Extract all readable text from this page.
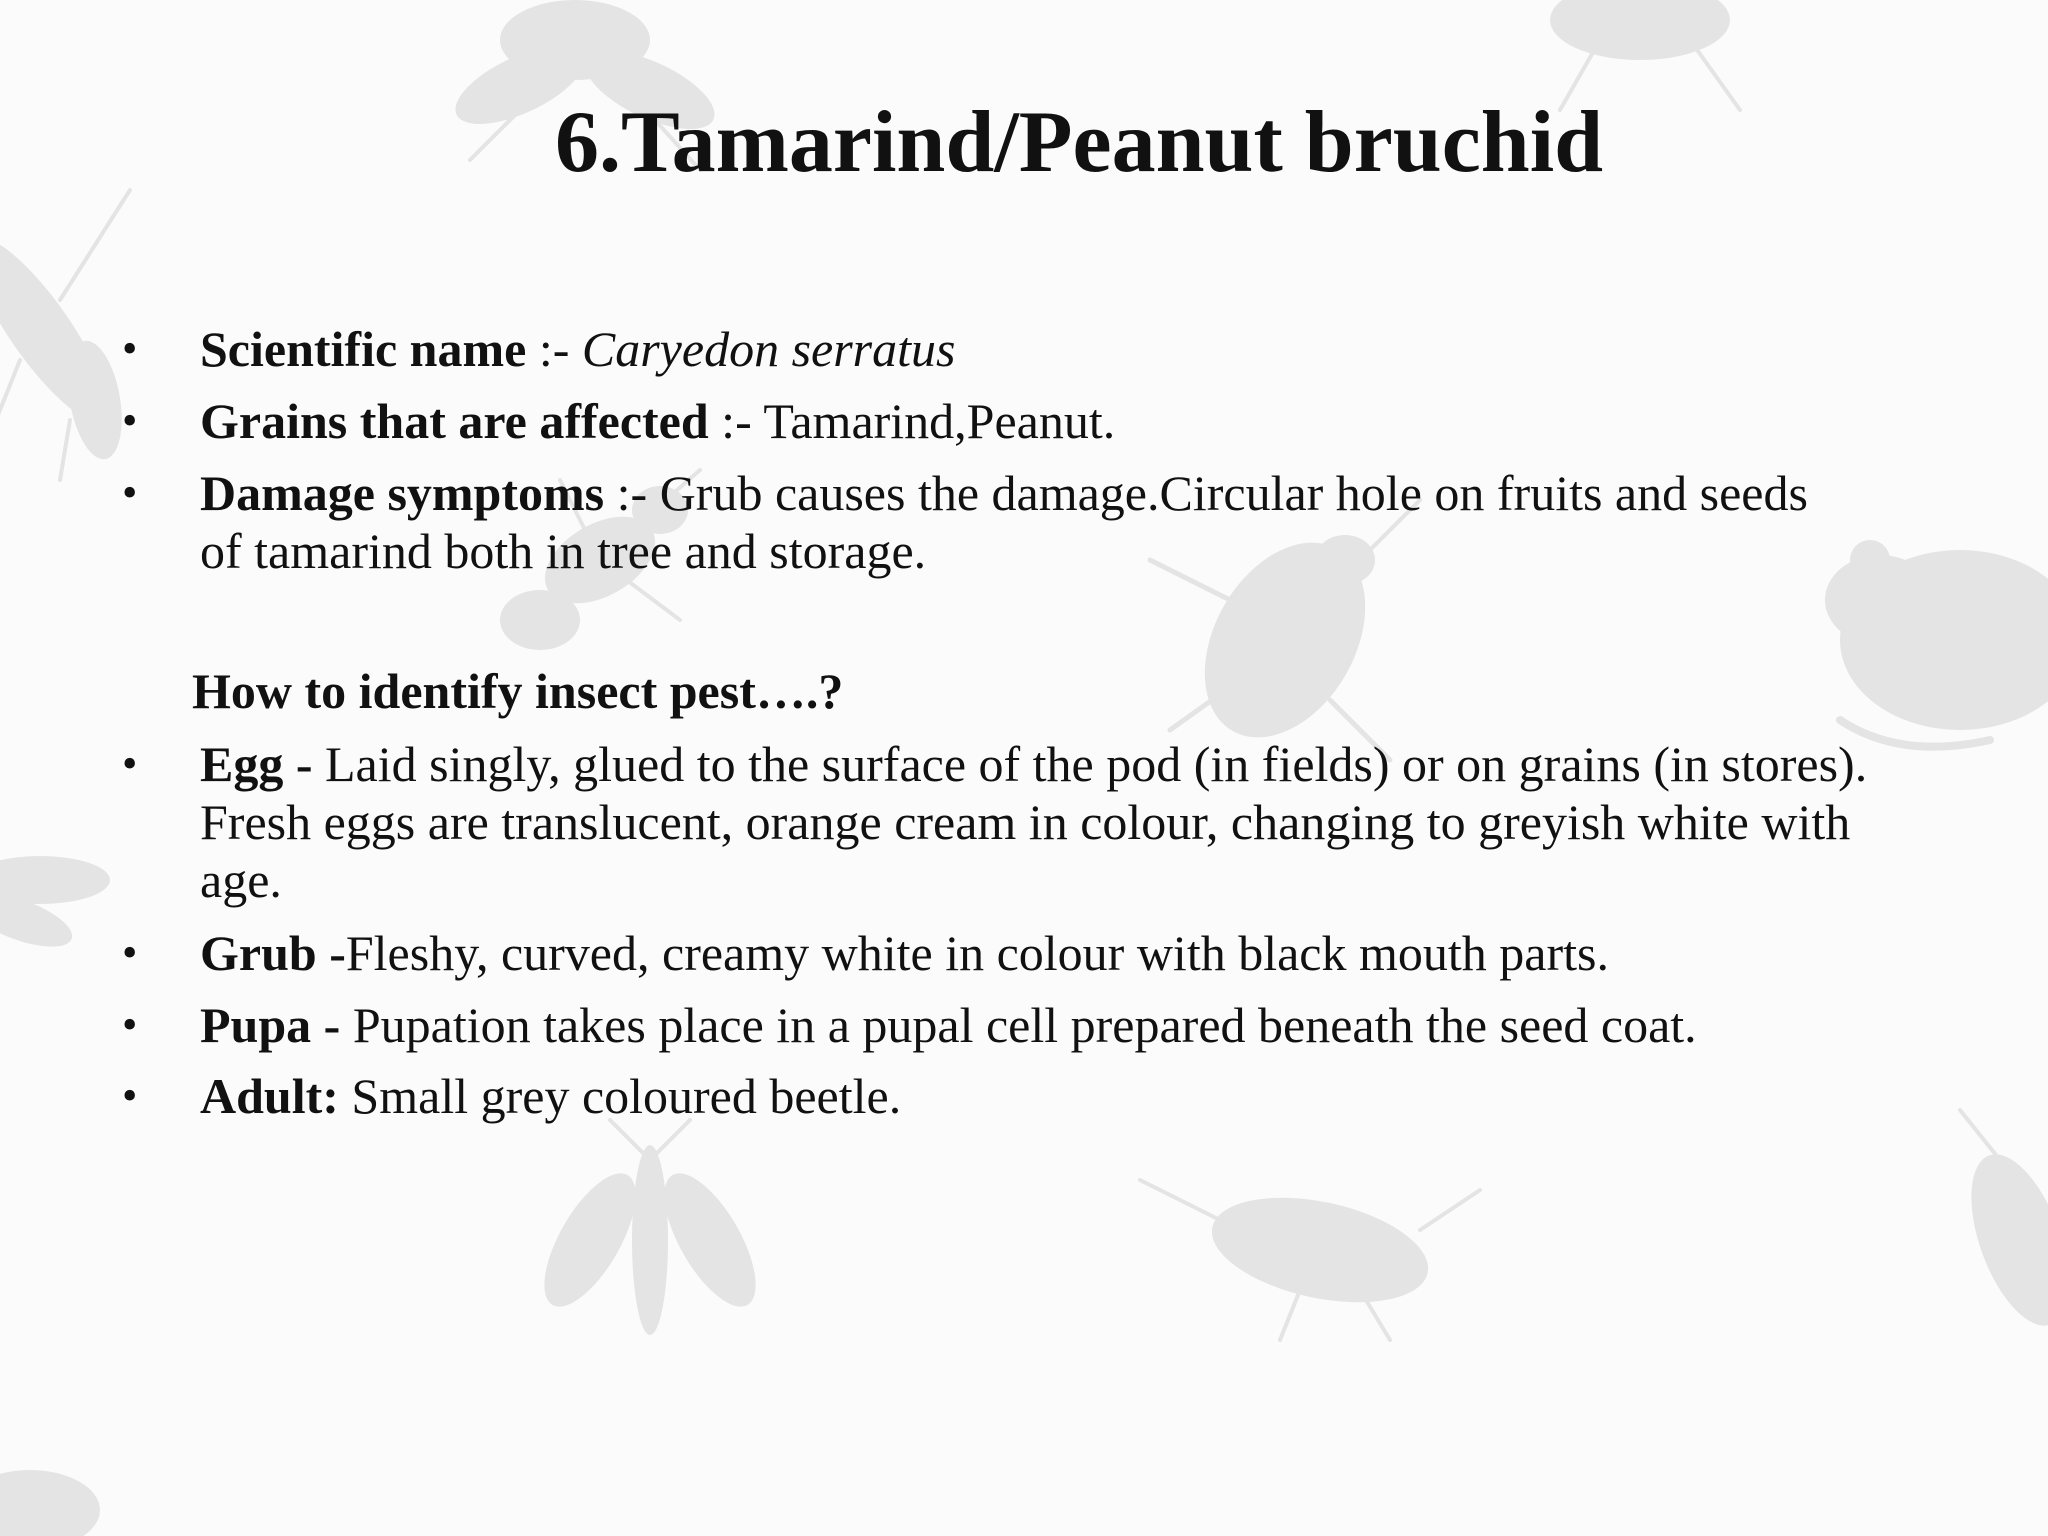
6.Tamarind/Peanut bruchid
• Scientific name :- Caryedon serratus
• Grains that are affected :- Tamarind,Peanut.
• Damage symptoms :- Grub causes the damage.Circular hole on fruits and seeds of tamarind both in tree and storage.
How to identify insect pest….?
• Egg - Laid singly, glued to the surface of the pod (in fields) or on grains (in stores). Fresh eggs are translucent, orange cream in colour, changing to greyish white with age.
• Grub -Fleshy, curved, creamy white in colour with black mouth parts.
• Pupa - Pupation takes place in a pupal cell prepared beneath the seed coat.
• Adult: Small grey coloured beetle.
